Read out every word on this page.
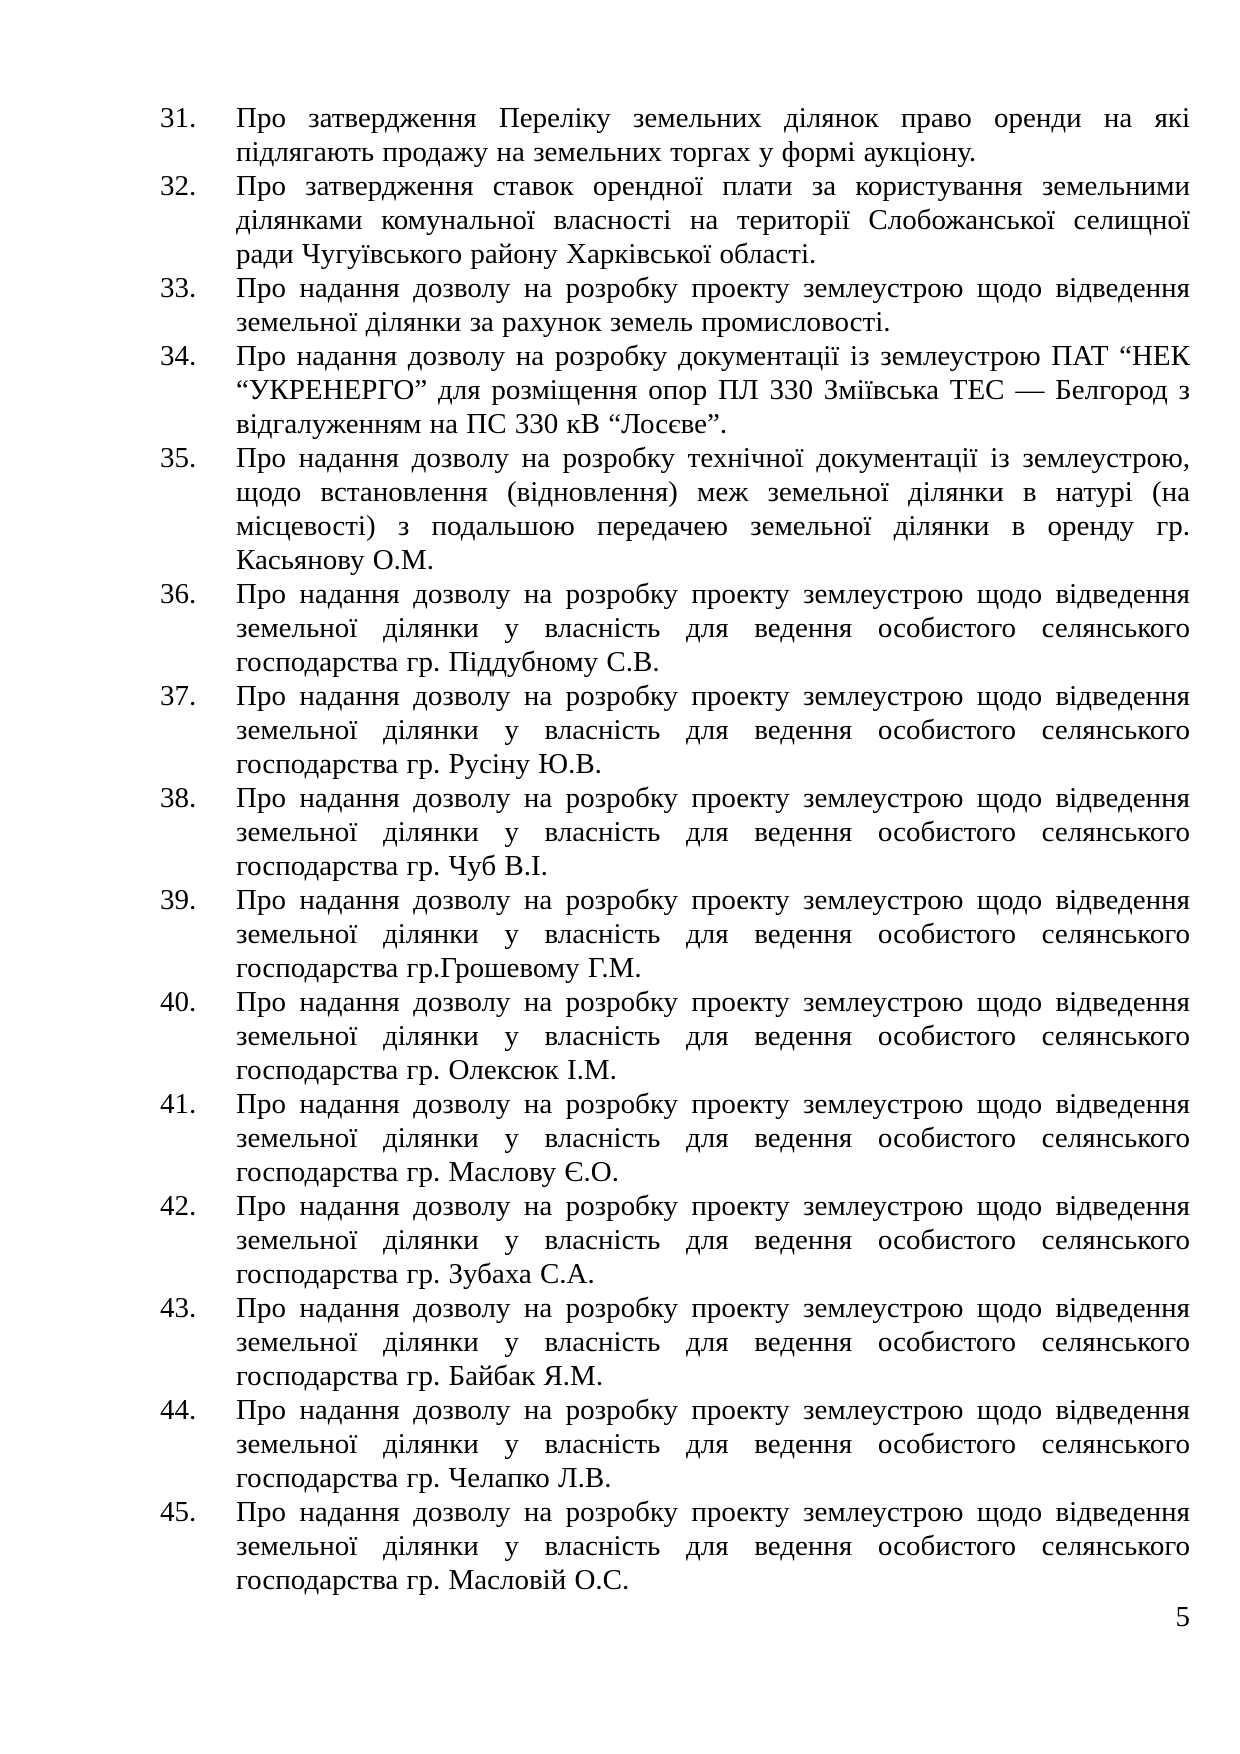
31.	Про затвердження Переліку земельних ділянок право оренди на які підлягають продажу на земельних торгах у формі аукціону.
32.	Про затвердження ставок орендної плати за користування земельними ділянками комунальної власності на території Слобожанської селищної ради Чугуївського району Харківської області.
33.	Про надання дозволу на розробку проекту землеустрою щодо відведення земельної ділянки за рахунок земель промисловості.
34.	Про надання дозволу на розробку документації із землеустрою ПАТ “НЕК “УКРЕНЕРГО” для розміщення опор ПЛ 330 Зміївська ТЕС — Белгород з відгалуженням на ПС 330 кВ “Лосєве”.
35.	Про надання дозволу на розробку технічної документації із землеустрою, щодо встановлення (відновлення) меж земельної ділянки в натурі (на місцевості) з подальшою передачею земельної ділянки в оренду гр. Касьянову О.М.
36.	Про надання дозволу на розробку проекту землеустрою щодо відведення земельної ділянки у власність для ведення особистого селянського господарства гр. Піддубному С.В.
37.	Про надання дозволу на розробку проекту землеустрою щодо відведення земельної ділянки у власність для ведення особистого селянського господарства гр. Русіну Ю.В.
38.	Про надання дозволу на розробку проекту землеустрою щодо відведення земельної ділянки у власність для ведення особистого селянського господарства гр. Чуб В.І.
39.	Про надання дозволу на розробку проекту землеустрою щодо відведення земельної ділянки у власність для ведення особистого селянського господарства гр.Грошевому Г.М.
40.	Про надання дозволу на розробку проекту землеустрою щодо відведення земельної ділянки у власність для ведення особистого селянського господарства гр. Олексюк І.М.
41.	Про надання дозволу на розробку проекту землеустрою щодо відведення земельної ділянки у власність для ведення особистого селянського господарства гр. Маслову Є.О.
42.	Про надання дозволу на розробку проекту землеустрою щодо відведення земельної ділянки у власність для ведення особистого селянського господарства гр. Зубаха С.А.
43.	Про надання дозволу на розробку проекту землеустрою щодо відведення земельної ділянки у власність для ведення особистого селянського господарства гр. Байбак Я.М.
44.	Про надання дозволу на розробку проекту землеустрою щодо відведення земельної ділянки у власність для ведення особистого селянського господарства гр. Челапко Л.В.
45.	Про надання дозволу на розробку проекту землеустрою щодо відведення земельної ділянки у власність для ведення особистого селянського господарства гр. Масловій О.С.
5
